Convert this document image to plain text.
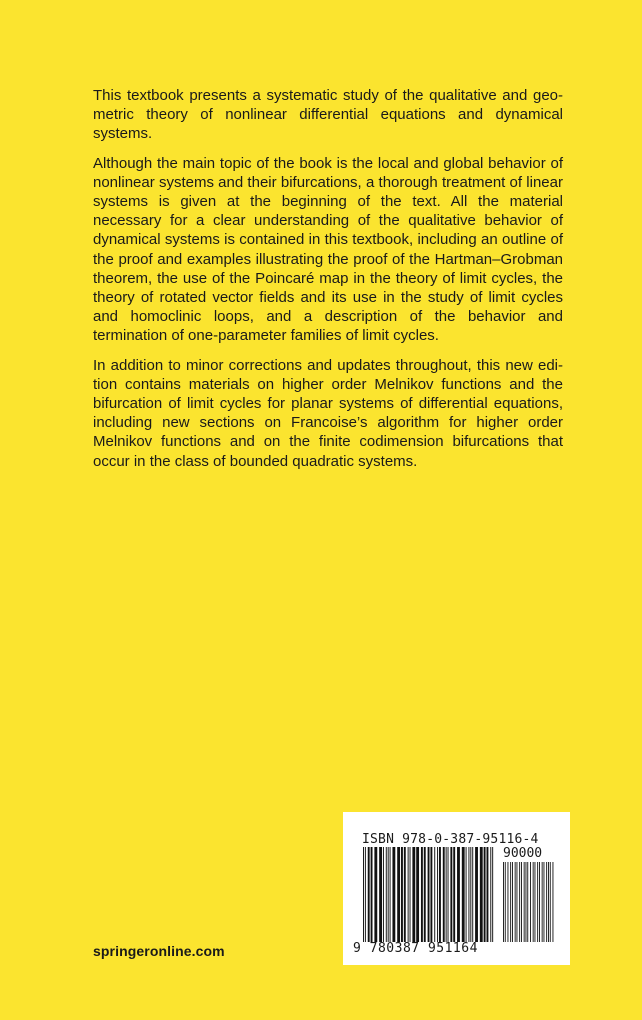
This textbook presents a systematic study of the qualitative and geometric theory of nonlinear differential equations and dynamical systems.

Although the main topic of the book is the local and global behavior of nonlinear systems and their bifurcations, a thorough treatment of linear systems is given at the beginning of the text. All the material necessary for a clear understanding of the qualitative behavior of dynamical systems is contained in this textbook, including an outline of the proof and examples illustrating the proof of the Hartman–Grobman theorem, the use of the Poincaré map in the theory of limit cycles, the theory of rotated vector fields and its use in the study of limit cycles and homoclinic loops, and a description of the behavior and termination of one-parameter families of limit cycles.

In addition to minor corrections and updates throughout, this new edition contains materials on higher order Melnikov functions and the bifurcation of limit cycles for planar systems of differential equations, including new sections on Francoise’s algorithm for higher order Melnikov functions and on the finite codimension bifurcations that occur in the class of bounded quadratic systems.

ISBN 978-0-387-95116-4
90000
9 780387 951164
springeronline.com
